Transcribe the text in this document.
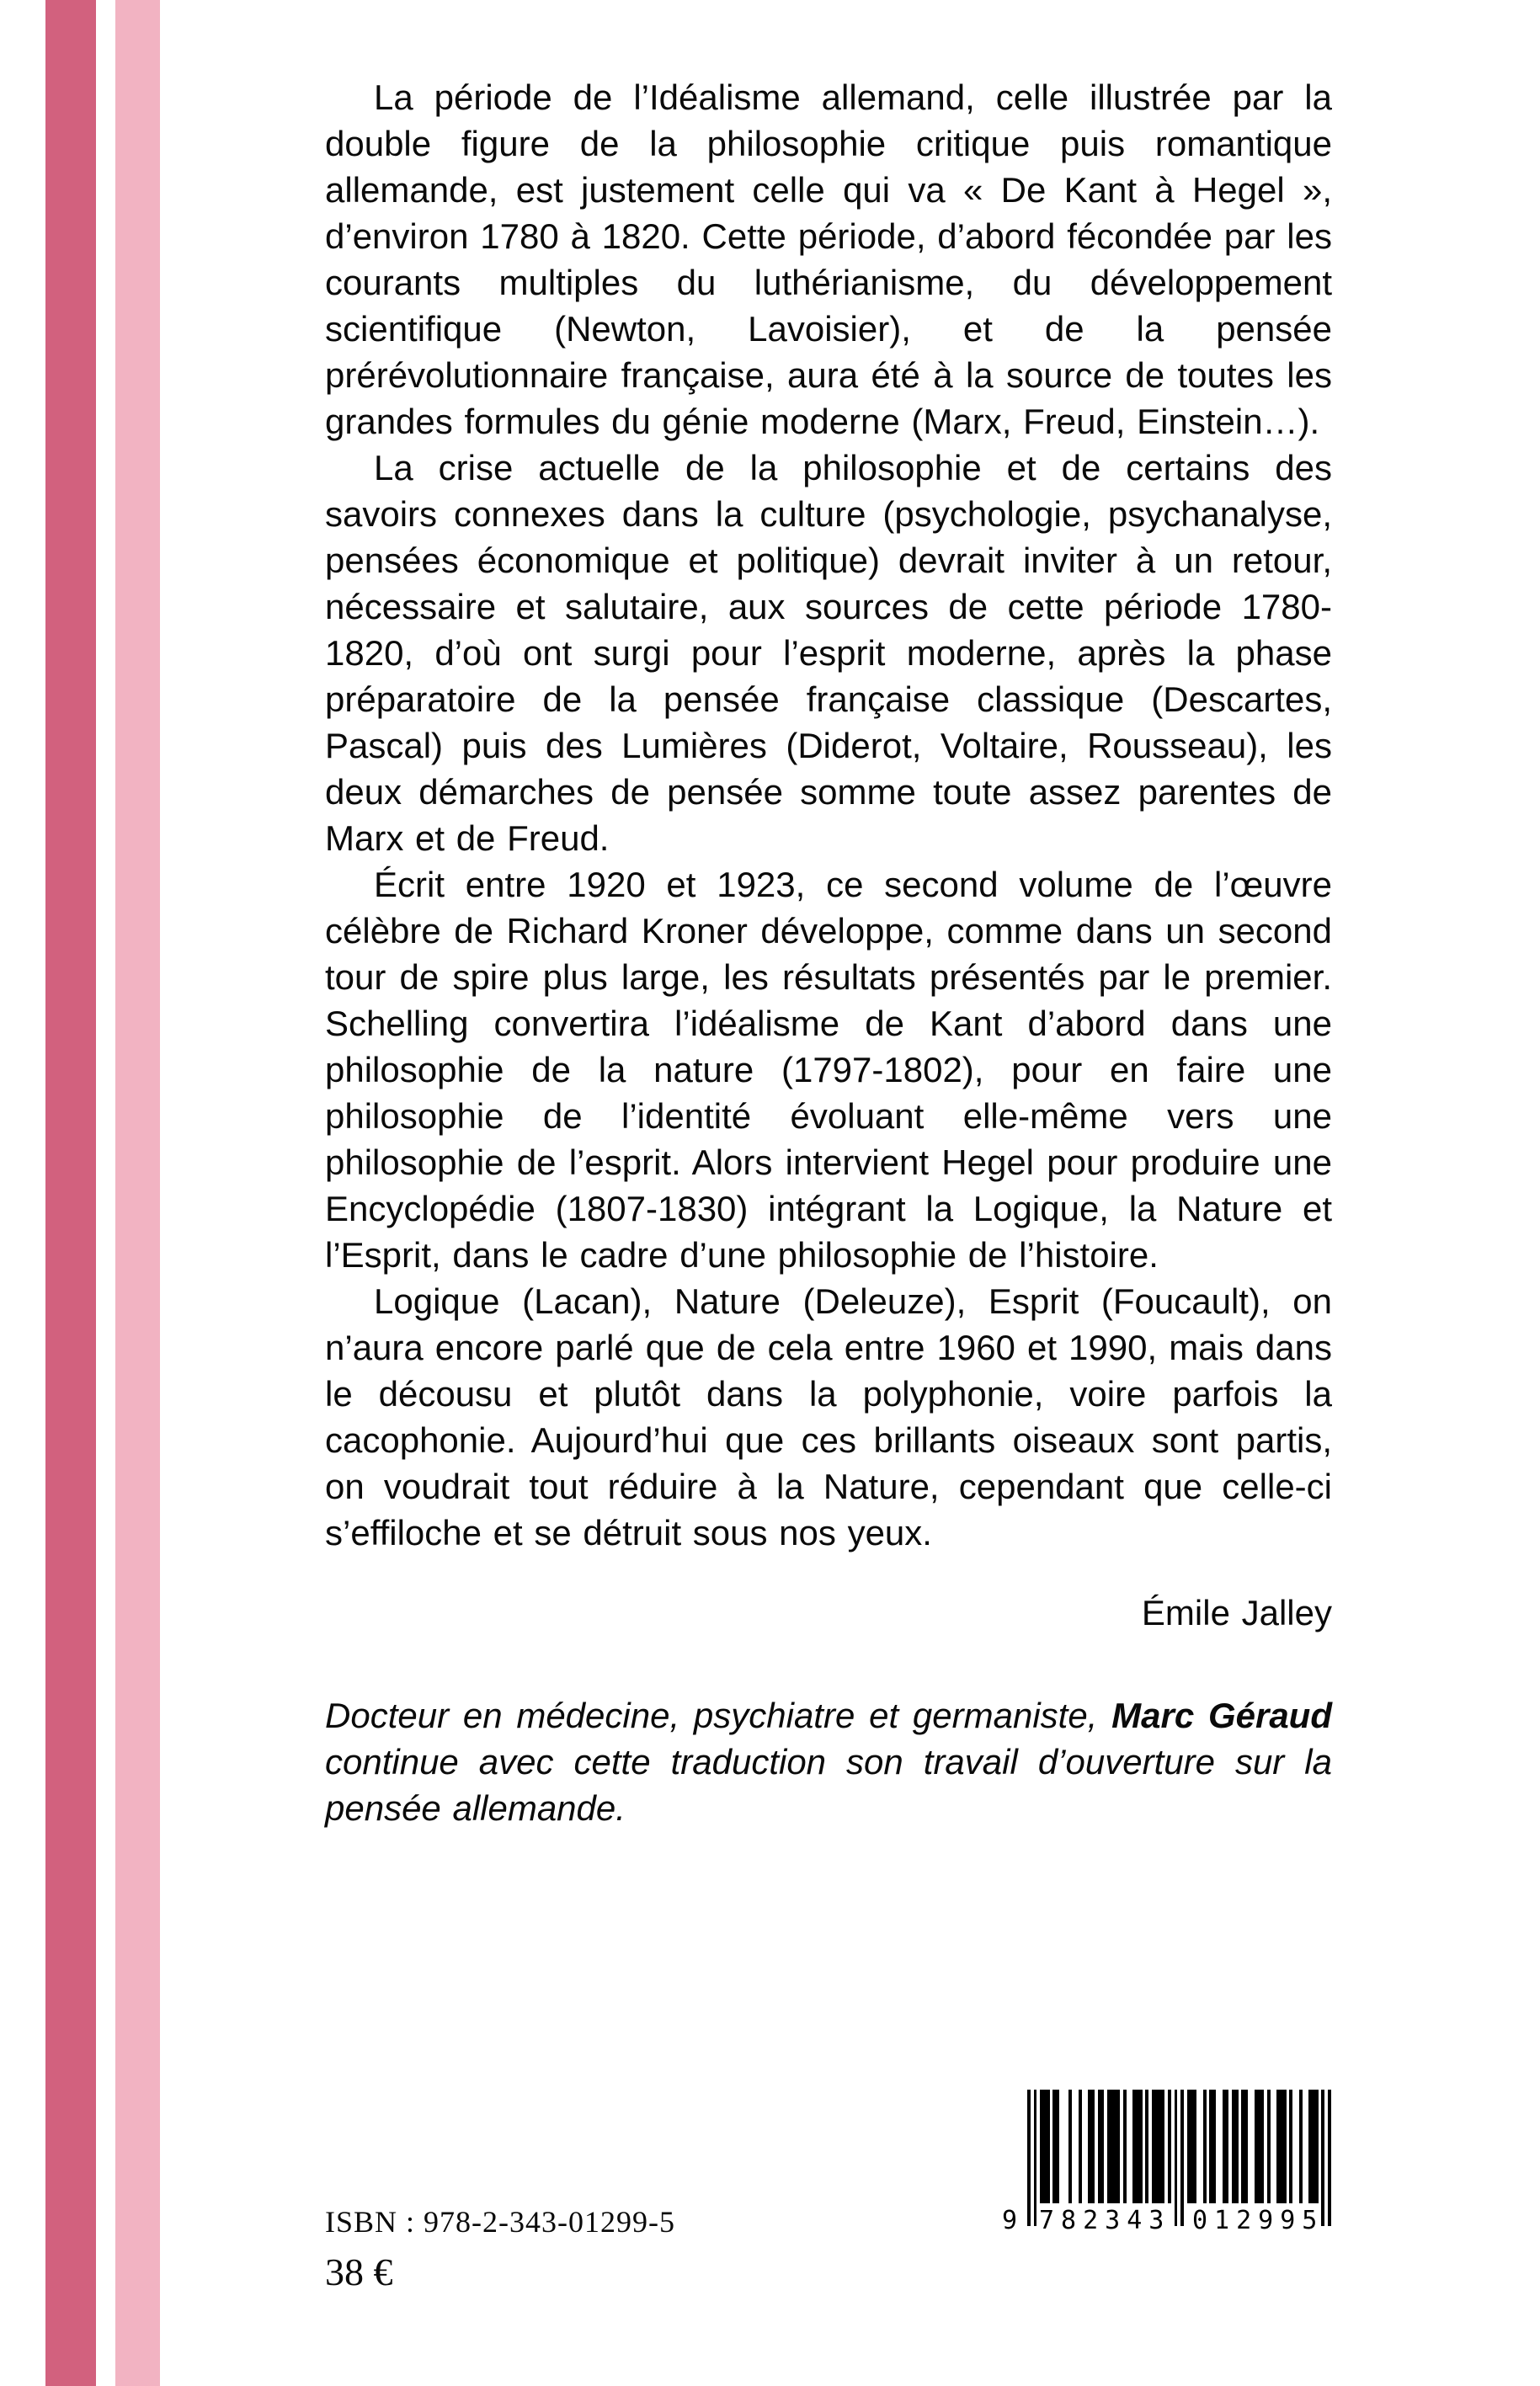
La période de l’Idéalisme allemand, celle illustrée par la double figure de la philosophie critique puis romantique allemande, est justement celle qui va « De Kant à Hegel », d’environ 1780 à 1820. Cette période, d’abord fécondée par les courants multiples du luthérianisme, du développement scientifique (Newton, Lavoisier), et de la pensée prérévolutionnaire française, aura été à la source de toutes les grandes formules du génie moderne (Marx, Freud, Einstein…).

La crise actuelle de la philosophie et de certains des savoirs connexes dans la culture (psychologie, psychanalyse, pensées économique et politique) devrait inviter à un retour, nécessaire et salutaire, aux sources de cette période 1780-1820, d’où ont surgi pour l’esprit moderne, après la phase préparatoire de la pensée française classique (Descartes, Pascal) puis des Lumières (Diderot, Voltaire, Rousseau), les deux démarches de pensée somme toute assez parentes de Marx et de Freud.

Écrit entre 1920 et 1923, ce second volume de l’œuvre célèbre de Richard Kroner développe, comme dans un second tour de spire plus large, les résultats présentés par le premier. Schelling convertira l’idéalisme de Kant d’abord dans une philosophie de la nature (1797-1802), pour en faire une philosophie de l’identité évoluant elle-même vers une philosophie de l’esprit. Alors intervient Hegel pour produire une Encyclopédie (1807-1830) intégrant la Logique, la Nature et l’Esprit, dans le cadre d’une philosophie de l’histoire.

Logique (Lacan), Nature (Deleuze), Esprit (Foucault), on n’aura encore parlé que de cela entre 1960 et 1990, mais dans le décousu et plutôt dans la polyphonie, voire parfois la cacophonie. Aujourd’hui que ces brillants oiseaux sont partis, on voudrait tout réduire à la Nature, cependant que celle-ci s’effiloche et se détruit sous nos yeux.

Émile Jalley

Docteur en médecine, psychiatre et germaniste, Marc Géraud continue avec cette traduction son travail d’ouverture sur la pensée allemande.

ISBN : 978-2-343-01299-5
38 €
9 782343 012995
